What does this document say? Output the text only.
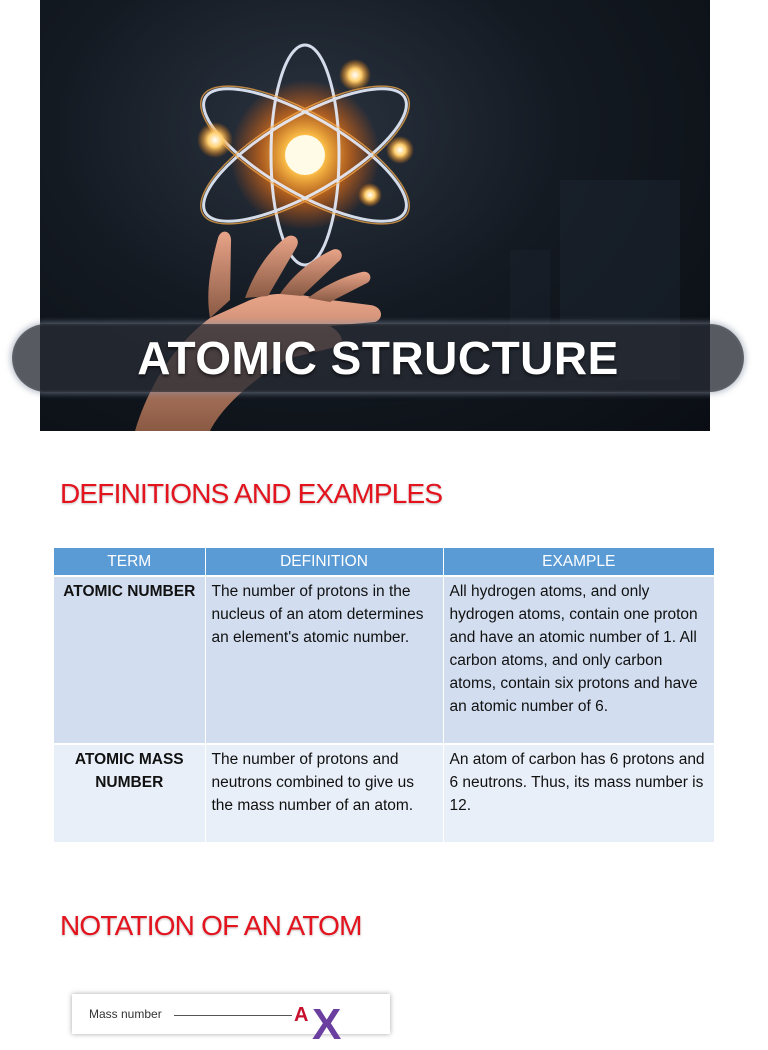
ATOMIC STRUCTURE
DEFINITIONS AND EXAMPLES
TERM	DEFINITION	EXAMPLE
ATOMIC NUMBER	The number of protons in the nucleus of an atom determines an element's atomic number.	All hydrogen atoms, and only hydrogen atoms, contain one proton and have an atomic number of 1. All carbon atoms, and only carbon atoms, contain six protons and have an atomic number of 6.
ATOMIC MASS NUMBER	The number of protons and neutrons combined to give us the mass number of an atom.	An atom of carbon has 6 protons and 6 neutrons. Thus, its mass number is 12.
NOTATION OF AN ATOM
Mass number	A X
